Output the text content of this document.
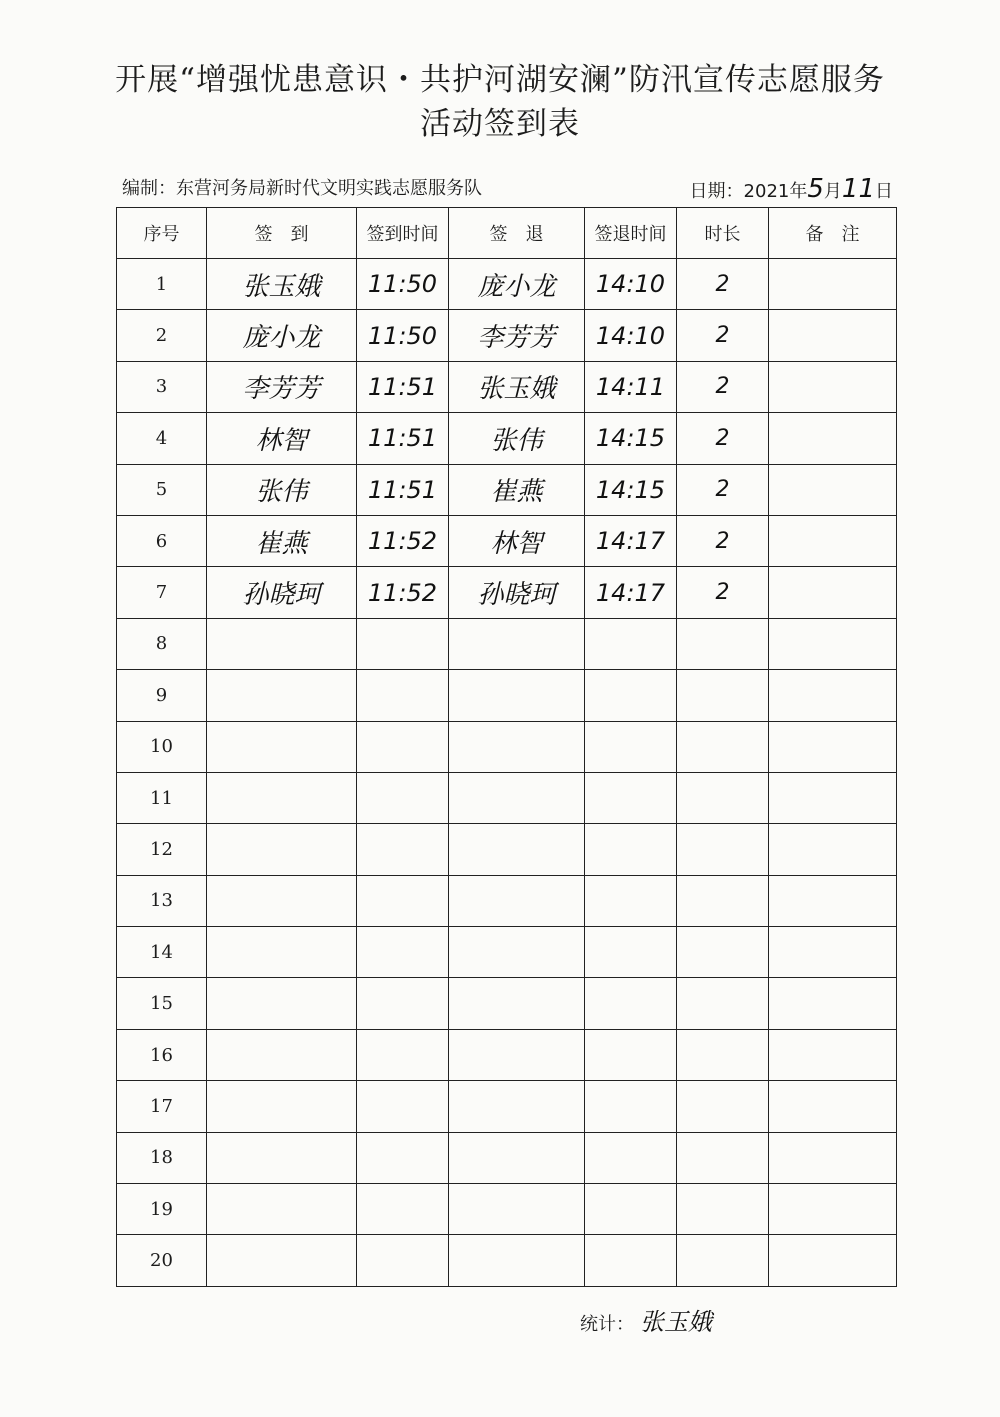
开展“增强忧患意识・共护河湖安澜”防汛宣传志愿服务
活动签到表
编制：东营河务局新时代文明实践志愿服务队	日期：2021年5月11日
序号	签　到	签到时间	签　退	签退时间	时长	备　注
1	张玉娥	11:50	庞小龙	14:10	2	
2	庞小龙	11:50	李芳芳	14:10	2	
3	李芳芳	11:51	张玉娥	14:11	2	
4	林智	11:51	张伟	14:15	2	
5	张伟	11:51	崔燕	14:15	2	
6	崔燕	11:52	林智	14:17	2	
7	孙晓珂	11:52	孙晓珂	14:17	2	
8						
9						
10						
11						
12						
13						
14						
15						
16						
17						
18						
19						
20						
统计： 张玉娥
